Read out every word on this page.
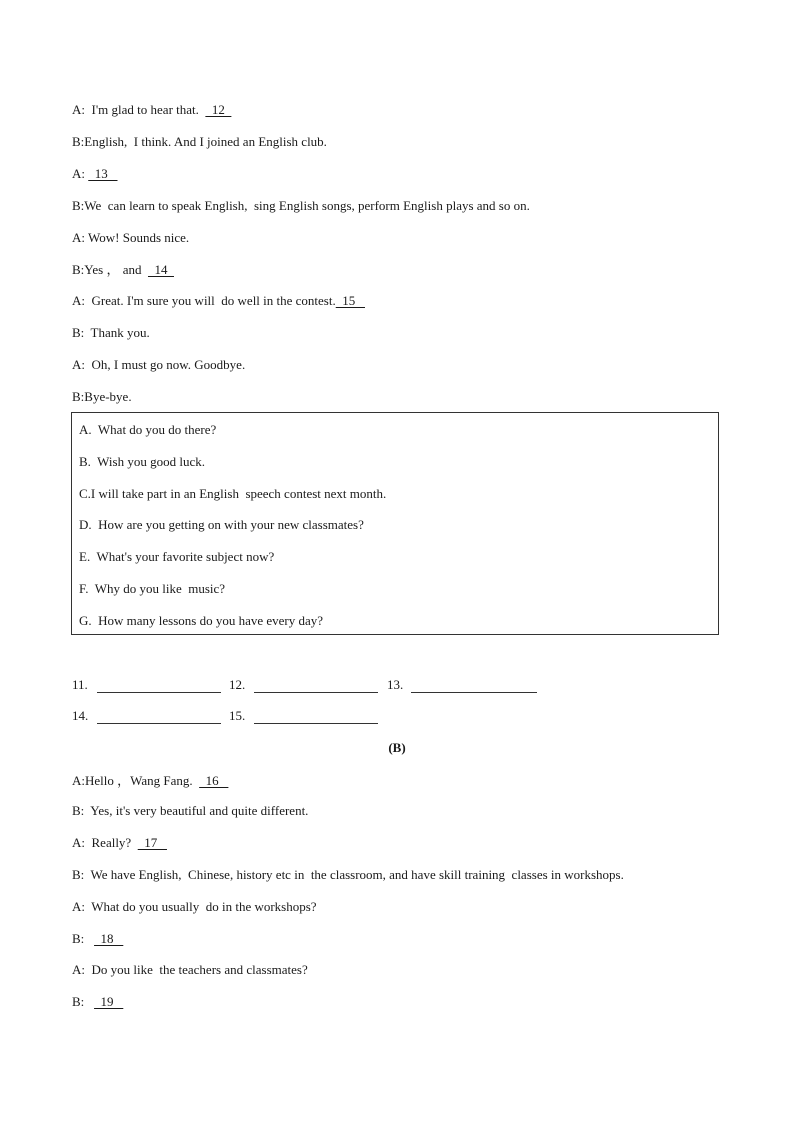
A:  I'm glad to hear that.    12
B:English,  I think. And I joined an English club.
A:   13
B:We  can learn to speak English,  sing English songs, perform English plays and so on.
A: Wow! Sounds nice.
B:Yes ， and    14
A:  Great. I'm sure you will  do well in the contest.  15
B:  Thank you.
A:  Oh, I must go now. Goodbye.
B:Bye-bye.
A.  What do you do there?
B.  Wish you good luck.
C.I will take part in an English  speech contest next month.
D.  How are you getting on with your new classmates?
E.  What's your favorite subject now?
F.  Why do you like  music?
G.  How many lessons do you have every day?

11.

	12.

	13.

14.

	15.

(B)
A:Hello ，Wang Fang.    16
B:  Yes, it's very beautiful and quite different.
A:  Really?    17
B:  We have English,  Chinese, history etc in  the classroom, and have skill training  classes in workshops.
A:  What do you usually  do in the workshops?
B:     18
A:  Do you like  the teachers and classmates?
B:     19
